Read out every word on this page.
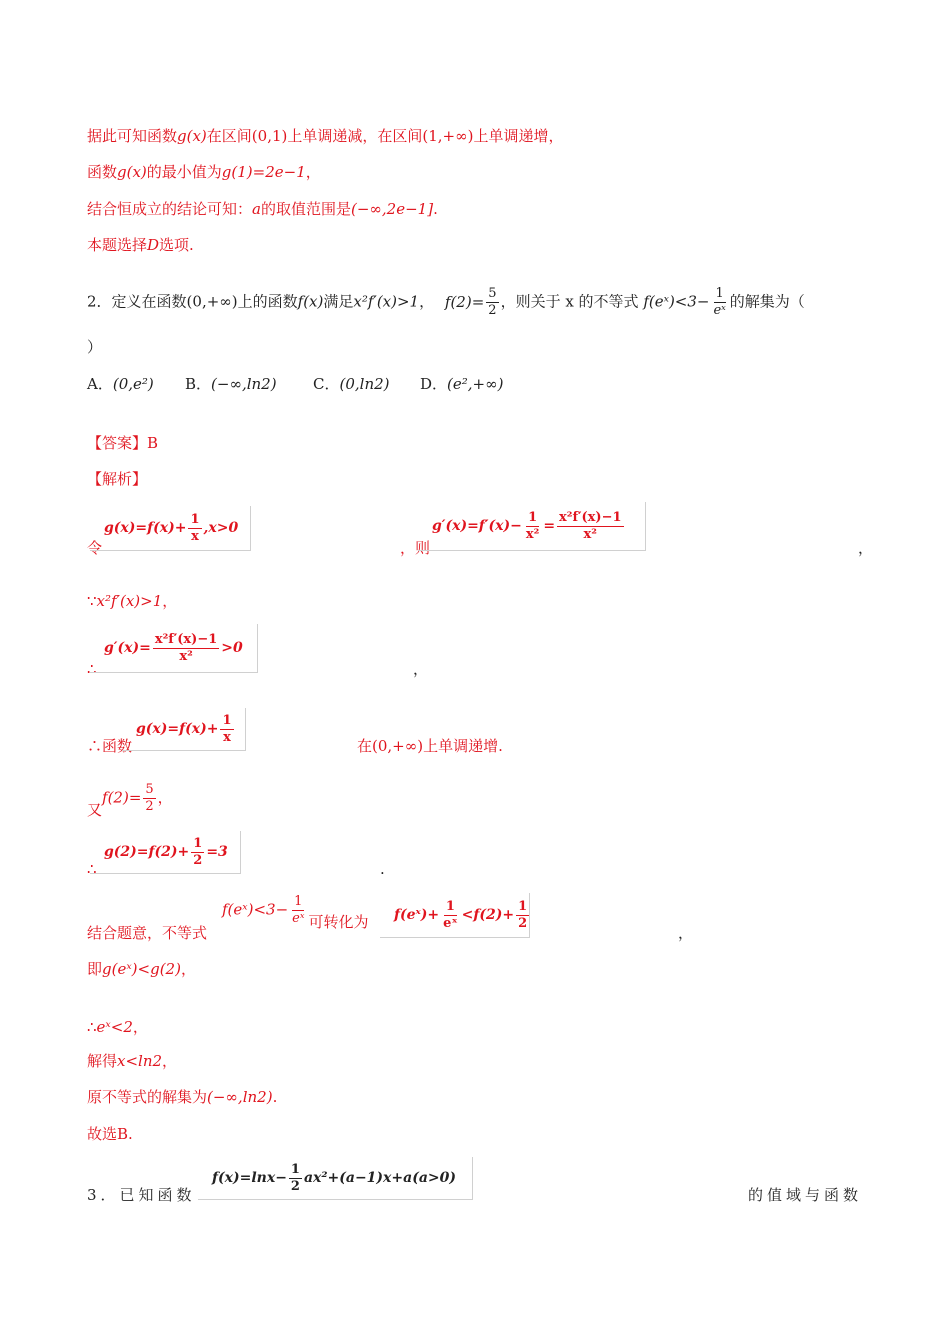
据此可知函数g(x)在区间(0,1)上单调递减，在区间(1,+∞)上单调递增，
函数g(x)的最小值为g(1)=2e−1，
结合恒成立的结论可知：a的取值范围是(−∞,2e−1].
本题选择D选项.
2．定义在函数(0,+∞)上的函数f(x)满足x²f′(x)>1， $f(2)= \frac{5}{2}$ ，则关于 x 的不等式 f(eˣ)<3− $\frac{1}{\text{eˣ}}$ 的解集为（
）
A．(0,e²) B．(−∞,ln2) C．(0,ln2) D．(e²,+∞)
【答案】B
【解析】
令
$g(x)=f(x)+ \frac{1}{x} ,x>0$
，则
$g'(x)=f'(x)- \frac{1}{\text{x²}} = \frac{\text{x²f′(x)−1}}{\text{x²}}$
，
∵x²f′(x)>1，
∴
$g'(x)= \frac{\text{x²f′(x)−1}}{\text{x²}} >0$
，
∴函数
$g(x)=f(x)+ \frac{1}{x}$
在(0,+∞)上单调递增.
又$f(2)= \frac{5}{2}$ ，
∴
$g(2)=f(2)+ \frac{1}{2} =3$
.
结合题意，不等式
f(eˣ)<3− $\frac{1}{\text{eˣ}}$ 可转化为 f(eˣ)+ $\frac{1}{\text{eˣ}} <f(2)+ \frac{1}{2}$
，
即g(eˣ)<g(2)，
∴eˣ<2，
解得x<ln2，
原不等式的解集为(−∞,ln2).
故选B.
3．已知函数
$f(x)=\ln x- \frac{1}{2} ax^2+(a-1)x+a(a>0)$
的值域与函数
